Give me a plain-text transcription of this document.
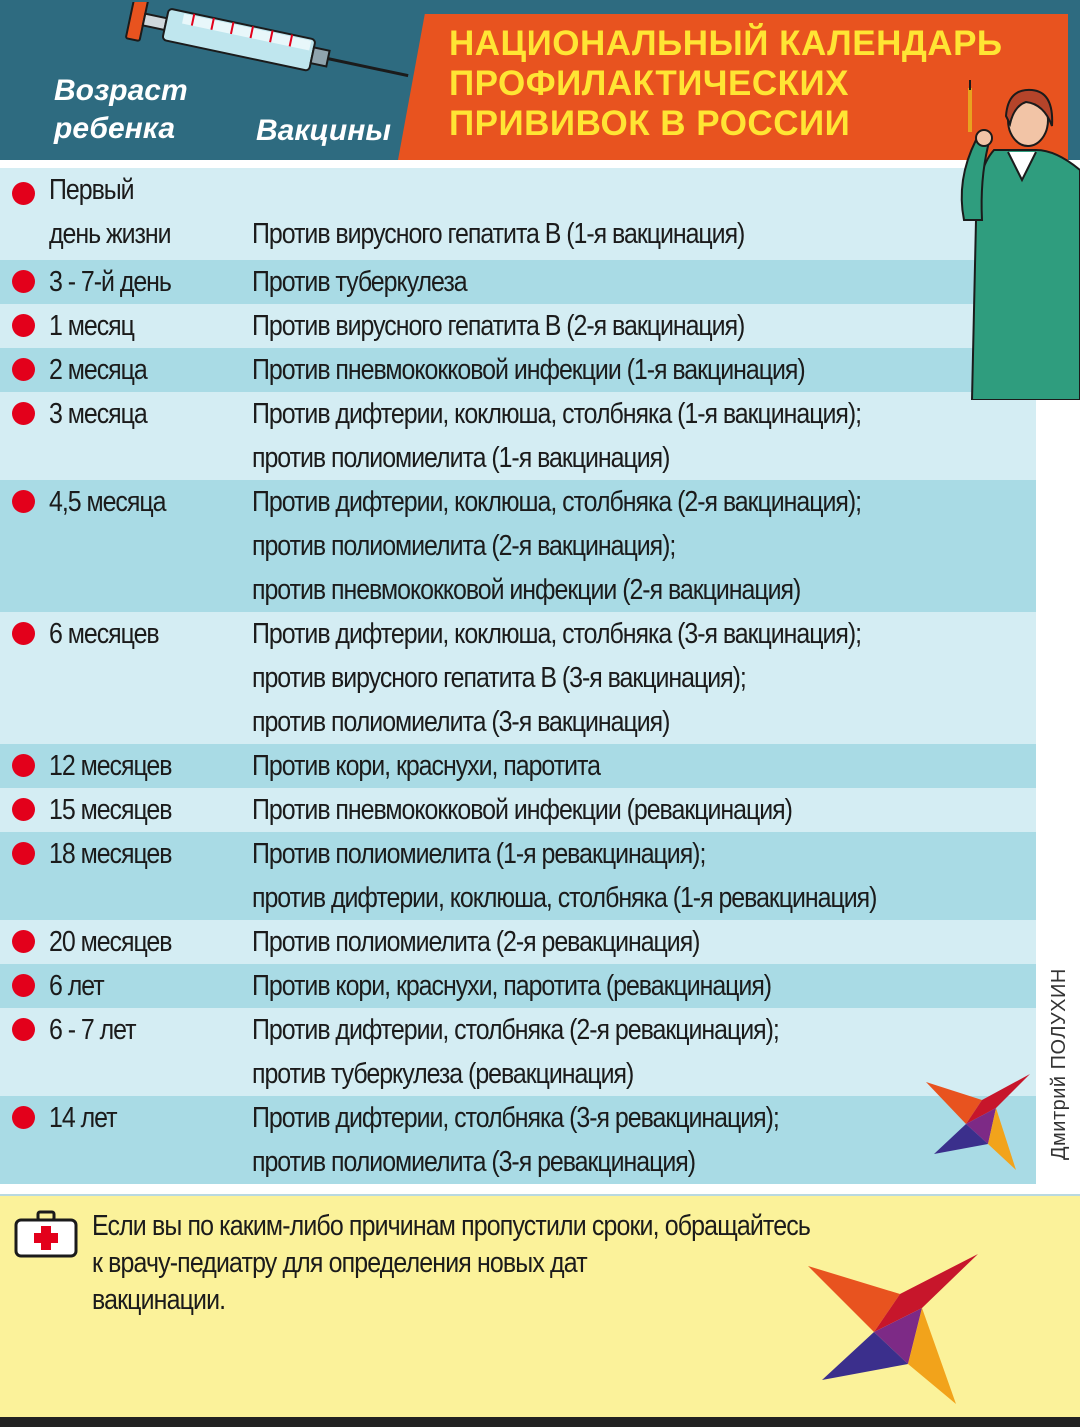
Возраст
ребенка	Вакцины
НАЦИОНАЛЬНЫЙ КАЛЕНДАРЬ
ПРОФИЛАКТИЧЕСКИХ
ПРИВИВОК В РОССИИ

Первый
день жизни

	Против вирусного гепатита В (1-я вакцинация)

3 - 7-й день	Против туберкулеза

1 месяц	Против вирусного гепатита В (2-я вакцинация)

2 месяца	Против пневмококковой инфекции (1-я вакцинация)

3 месяца	Против дифтерии, коклюша, столбняка (1-я вакцинация);
против полиомиелита (1-я вакцинация)

4,5 месяца	Против дифтерии, коклюша, столбняка (2-я вакцинация);
против полиомиелита (2-я вакцинация);
против пневмококковой инфекции (2-я вакцинация)

6 месяцев	Против дифтерии, коклюша, столбняка (3-я вакцинация);
против вирусного гепатита В (3-я вакцинация);
против полиомиелита (3-я вакцинация)

12 месяцев	Против кори, краснухи, паротита

15 месяцев	Против пневмококковой инфекции (ревакцинация)

18 месяцев	Против полиомиелита (1-я ревакцинация);
против дифтерии, коклюша, столбняка (1-я ревакцинация)

20 месяцев	Против полиомиелита (2-я ревакцинация)

6 лет	Против кори, краснухи, паротита (ревакцинация)

6 - 7 лет	Против дифтерии, столбняка (2-я ревакцинация);
против туберкулеза (ревакцинация)

14 лет	Против дифтерии, столбняка (3-я ревакцинация);
против полиомиелита (3-я ревакцинация)

Дмитрий ПОЛУХИН

Если вы по каким-либо причинам пропустили сроки, обращайтесь
к врачу-педиатру для определения новых дат
вакцинации.
